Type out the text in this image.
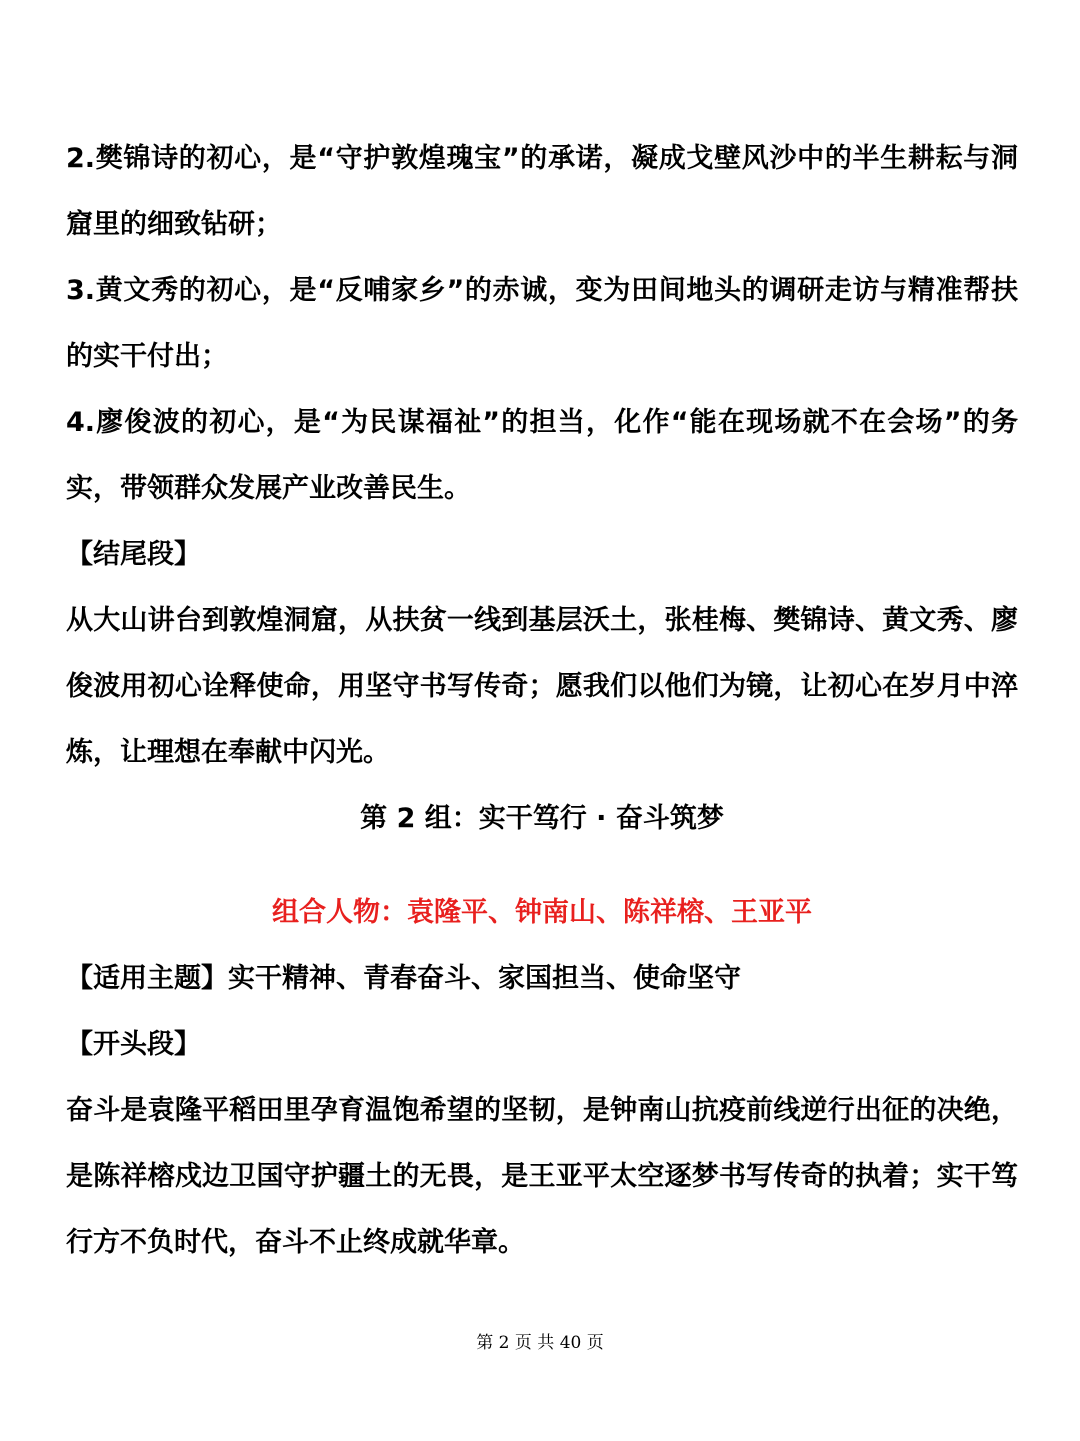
2.樊锦诗的初心，是“守护敦煌瑰宝”的承诺，凝成戈壁风沙中的半生耕耘与洞窟里的细致钻研；

3.黄文秀的初心，是“反哺家乡”的赤诚，变为田间地头的调研走访与精准帮扶的实干付出；

4.廖俊波的初心，是“为民谋福祉”的担当，化作“能在现场就不在会场”的务实，带领群众发展产业改善民生。

【结尾段】

从大山讲台到敦煌洞窟，从扶贫一线到基层沃土，张桂梅、樊锦诗、黄文秀、廖俊波用初心诠释使命，用坚守书写传奇；愿我们以他们为镜，让初心在岁月中淬炼，让理想在奉献中闪光。

第 2 组：实干笃行 · 奋斗筑梦

组合人物：袁隆平、钟南山、陈祥榕、王亚平

【适用主题】实干精神、青春奋斗、家国担当、使命坚守

【开头段】

奋斗是袁隆平稻田里孕育温饱希望的坚韧，是钟南山抗疫前线逆行出征的决绝，是陈祥榕戍边卫国守护疆土的无畏，是王亚平太空逐梦书写传奇的执着；实干笃行方不负时代，奋斗不止终成就华章。

第 2 页 共 40 页
